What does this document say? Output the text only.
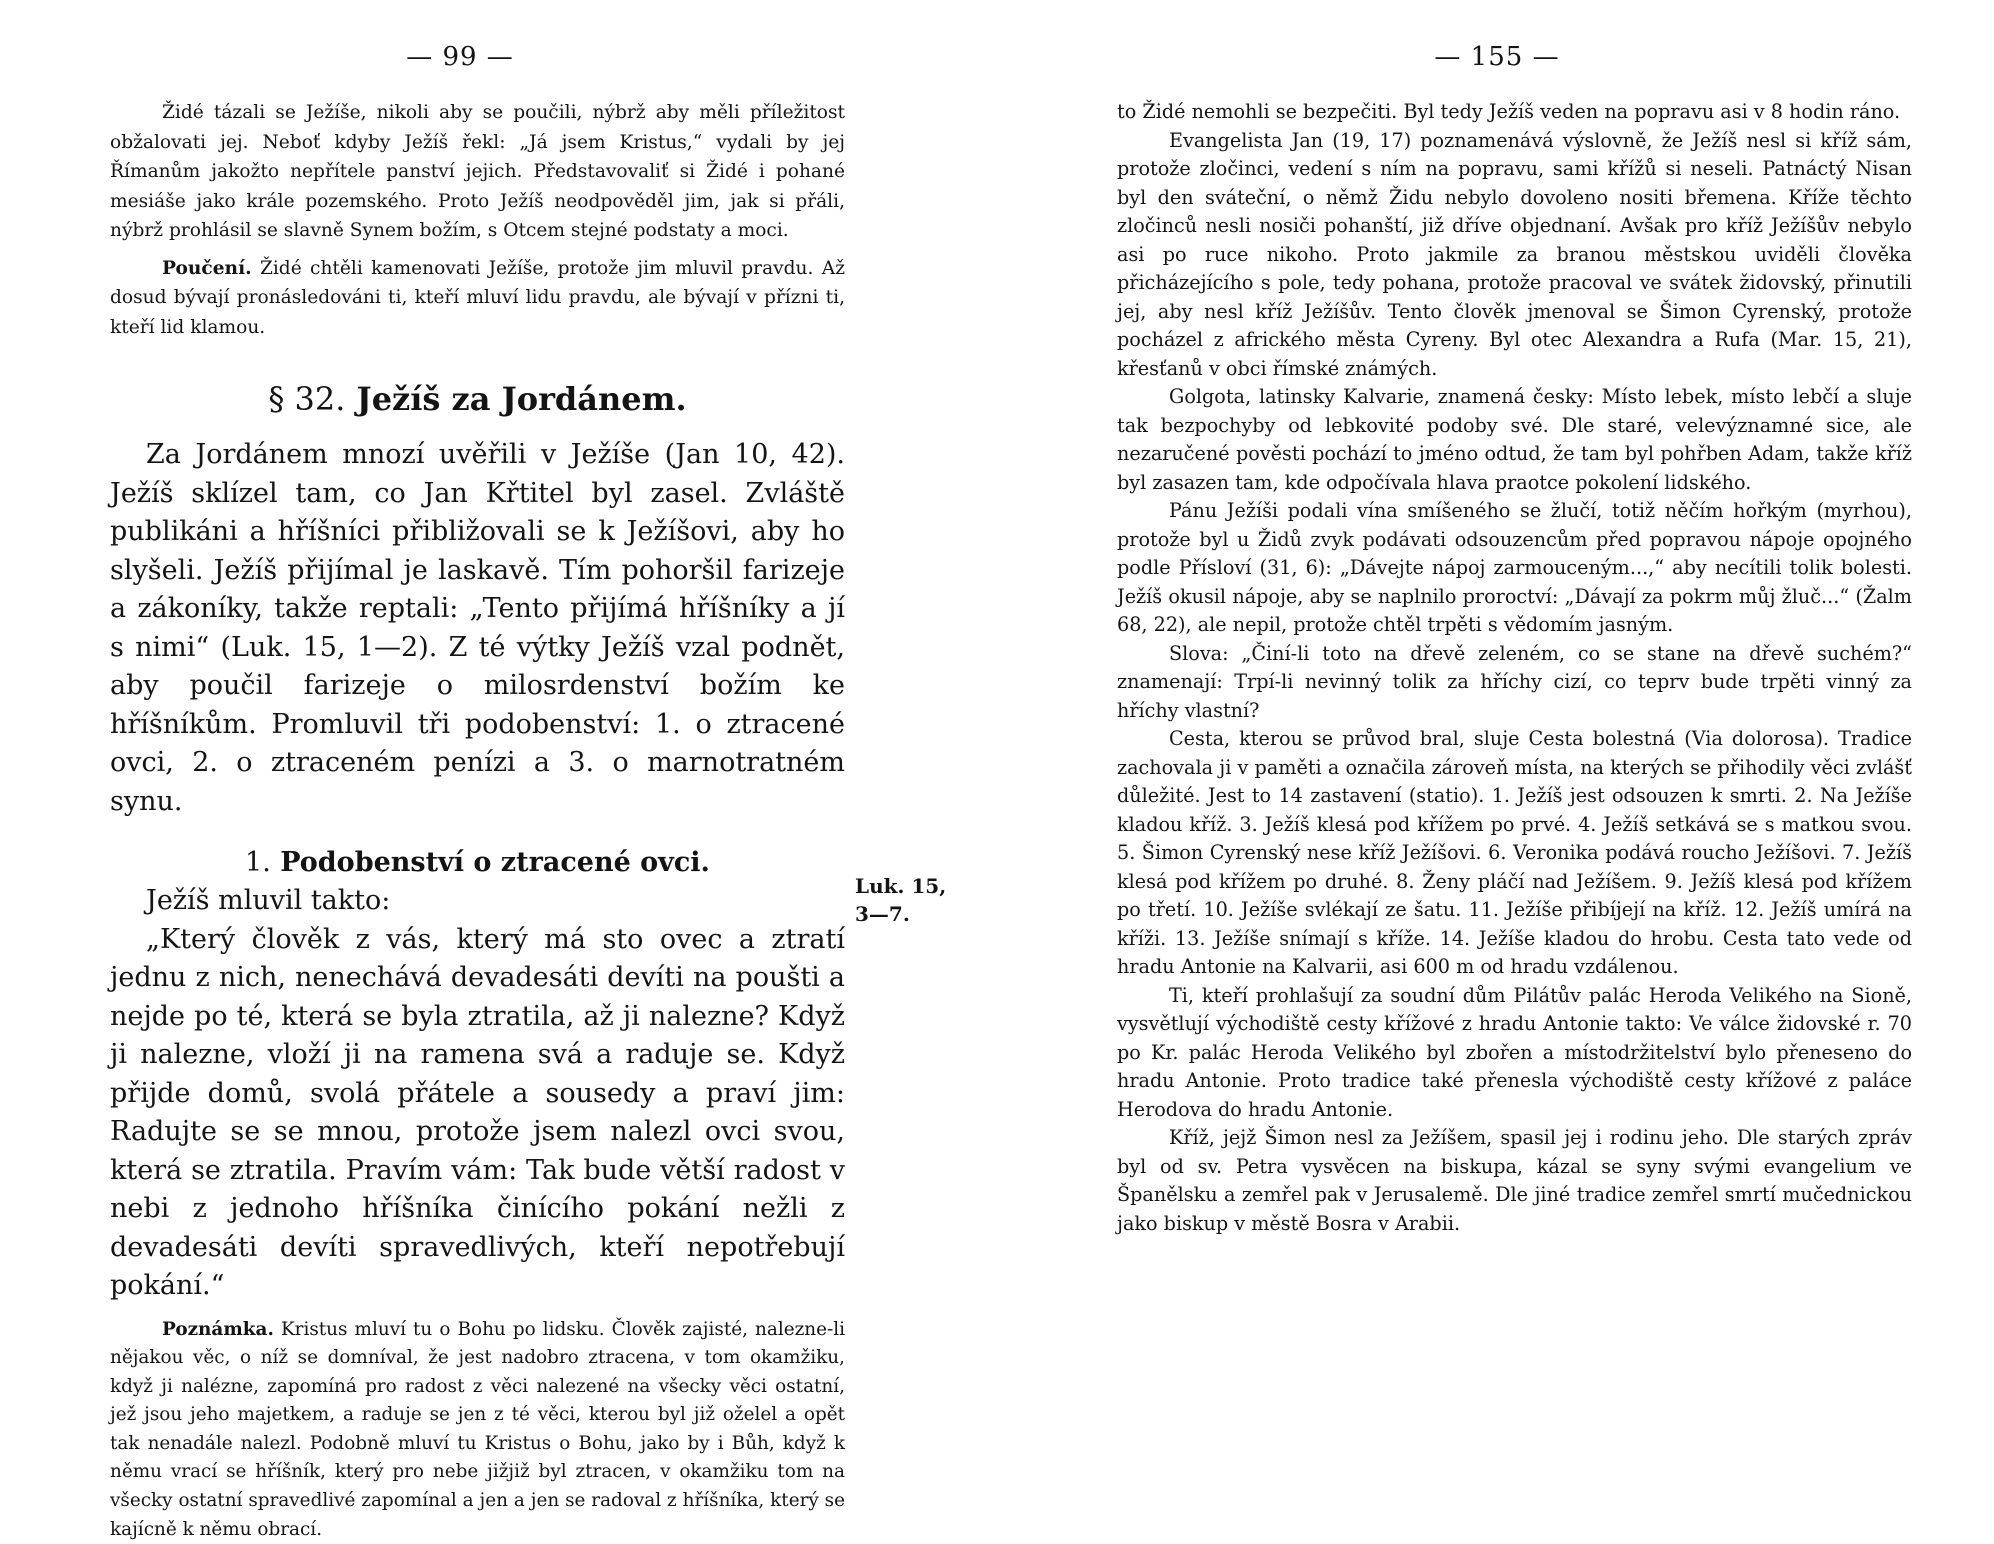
— 99 —

Židé tázali se Ježíše, nikoli aby se poučili, nýbrž aby měli příležitost obžalovati jej. Neboť kdyby Ježíš řekl: „Já jsem Kristus,“ vydali by jej Římanům jakožto nepřítele panství jejich. Představovaliť si Židé i pohané mesiáše jako krále pozemského. Proto Ježíš neodpověděl jim, jak si přáli, nýbrž prohlásil se slavně Synem božím, s Otcem stejné podstaty a moci.

Poučení. Židé chtěli kamenovati Ježíše, protože jim mluvil pravdu. Až dosud bývají pronásledováni ti, kteří mluví lidu pravdu, ale bývají v přízni ti, kteří lid klamou.

§ 32. Ježíš za Jordánem.

Za Jordánem mnozí uvěřili v Ježíše (Jan 10, 42). Ježíš sklízel tam, co Jan Křtitel byl zasel. Zvláště publikáni a hříšníci přibližovali se k Ježíšovi, aby ho slyšeli. Ježíš přijímal je laskavě. Tím pohoršil farizeje a zákoníky, takže reptali: „Tento přijímá hříšníky a jí s nimi“ (Luk. 15, 1—2). Z té výtky Ježíš vzal podnět, aby poučil farizeje o milosrdenství božím ke hříšníkům. Promluvil tři podobenství: 1. o ztracené ovci, 2. o ztraceném penízi a 3. o marnotratném synu.

1. Podobenství o ztracené ovci.

Ježíš mluvil takto:

„Který člověk z vás, který má sto ovec a ztratí jednu z nich, nenechává devadesáti devíti na poušti a nejde po té, která se byla ztratila, až ji nalezne? Když ji nalezne, vloží ji na ramena svá a raduje se. Když přijde domů, svolá přátele a sousedy a praví jim: Radujte se se mnou, protože jsem nalezl ovci svou, která se ztratila. Pravím vám: Tak bude větší radost v nebi z jednoho hříšníka činícího pokání nežli z devadesáti devíti spravedlivých, kteří nepotřebují pokání.“

Poznámka. Kristus mluví tu o Bohu po lidsku. Člověk zajisté, nalezne-li nějakou věc, o níž se domníval, že jest nadobro ztracena, v tom okamžiku, když ji nalézne, zapomíná pro radost z věci nalezené na všecky věci ostatní, jež jsou jeho majetkem, a raduje se jen z té věci, kterou byl již oželel a opět tak nenadále nalezl. Podobně mluví tu Kristus o Bohu, jako by i Bůh, když k němu vrací se hříšník, který pro nebe jižjiž byl ztracen, v okamžiku tom na všecky ostatní spravedlivé zapomínal a jen a jen se radoval z hříšníka, který se kajícně k němu obrací.

Luk. 15,
3—7.
— 155 —

to Židé nemohli se bezpečiti. Byl tedy Ježíš veden na popravu asi v 8 hodin ráno.

Evangelista Jan (19, 17) poznamenává výslovně, že Ježíš nesl si kříž sám, protože zločinci, vedení s ním na popravu, sami křížů si neseli. Patnáctý Nisan byl den sváteční, o němž Židu nebylo dovoleno nositi břemena. Kříže těchto zločinců nesli nosiči pohanští, již dříve objednaní. Avšak pro kříž Ježíšův nebylo asi po ruce nikoho. Proto jakmile za branou městskou uviděli člověka přicházejícího s pole, tedy pohana, protože pracoval ve svátek židovský, přinutili jej, aby nesl kříž Ježíšův. Tento člověk jmenoval se Šimon Cyrenský, protože pocházel z afrického města Cyreny. Byl otec Alexandra a Rufa (Mar. 15, 21), křesťanů v obci římské známých.

Golgota, latinsky Kalvarie, znamená česky: Místo lebek, místo lebčí a sluje tak bezpochyby od lebkovité podoby své. Dle staré, velevýznamné sice, ale nezaručené pověsti pochází to jméno odtud, že tam byl pohřben Adam, takže kříž byl zasazen tam, kde odpočívala hlava praotce pokolení lidského.

Pánu Ježíši podali vína smíšeného se žlučí, totiž něčím hořkým (myrhou), protože byl u Židů zvyk podávati odsouzencům před popravou nápoje opojného podle Přísloví (31, 6): „Dávejte nápoj zarmouceným...,“ aby necítili tolik bolesti. Ježíš okusil nápoje, aby se naplnilo proroctví: „Dávají za pokrm můj žluč...“ (Žalm 68, 22), ale nepil, protože chtěl trpěti s vědomím jasným.

Slova: „Činí-li toto na dřevě zeleném, co se stane na dřevě suchém?“ znamenají: Trpí-li nevinný tolik za hříchy cizí, co teprv bude trpěti vinný za hříchy vlastní?

Cesta, kterou se průvod bral, sluje Cesta bolestná (Via dolorosa). Tradice zachovala ji v paměti a označila zároveň místa, na kterých se přihodily věci zvlášť důležité. Jest to 14 zastavení (statio). 1. Ježíš jest odsouzen k smrti. 2. Na Ježíše kladou kříž. 3. Ježíš klesá pod křížem po prvé. 4. Ježíš setkává se s matkou svou. 5. Šimon Cyrenský nese kříž Ježíšovi. 6. Veronika podává roucho Ježíšovi. 7. Ježíš klesá pod křížem po druhé. 8. Ženy pláčí nad Ježíšem. 9. Ježíš klesá pod křížem po třetí. 10. Ježíše svlékají ze šatu. 11. Ježíše přibíjejí na kříž. 12. Ježíš umírá na kříži. 13. Ježíše snímají s kříže. 14. Ježíše kladou do hrobu. Cesta tato vede od hradu Antonie na Kalvarii, asi 600 m od hradu vzdálenou.

Ti, kteří prohlašují za soudní dům Pilátův palác Heroda Velikého na Sioně, vysvětlují východiště cesty křížové z hradu Antonie takto: Ve válce židovské r. 70 po Kr. palác Heroda Velikého byl zbořen a místodržitelství bylo přeneseno do hradu Antonie. Proto tradice také přenesla východiště cesty křížové z paláce Herodova do hradu Antonie.

Kříž, jejž Šimon nesl za Ježíšem, spasil jej i rodinu jeho. Dle starých zpráv byl od sv. Petra vysvěcen na biskupa, kázal se syny svými evangelium ve Španělsku a zemřel pak v Jerusalemě. Dle jiné tradice zemřel smrtí mučednickou jako biskup v městě Bosra v Arabii.
